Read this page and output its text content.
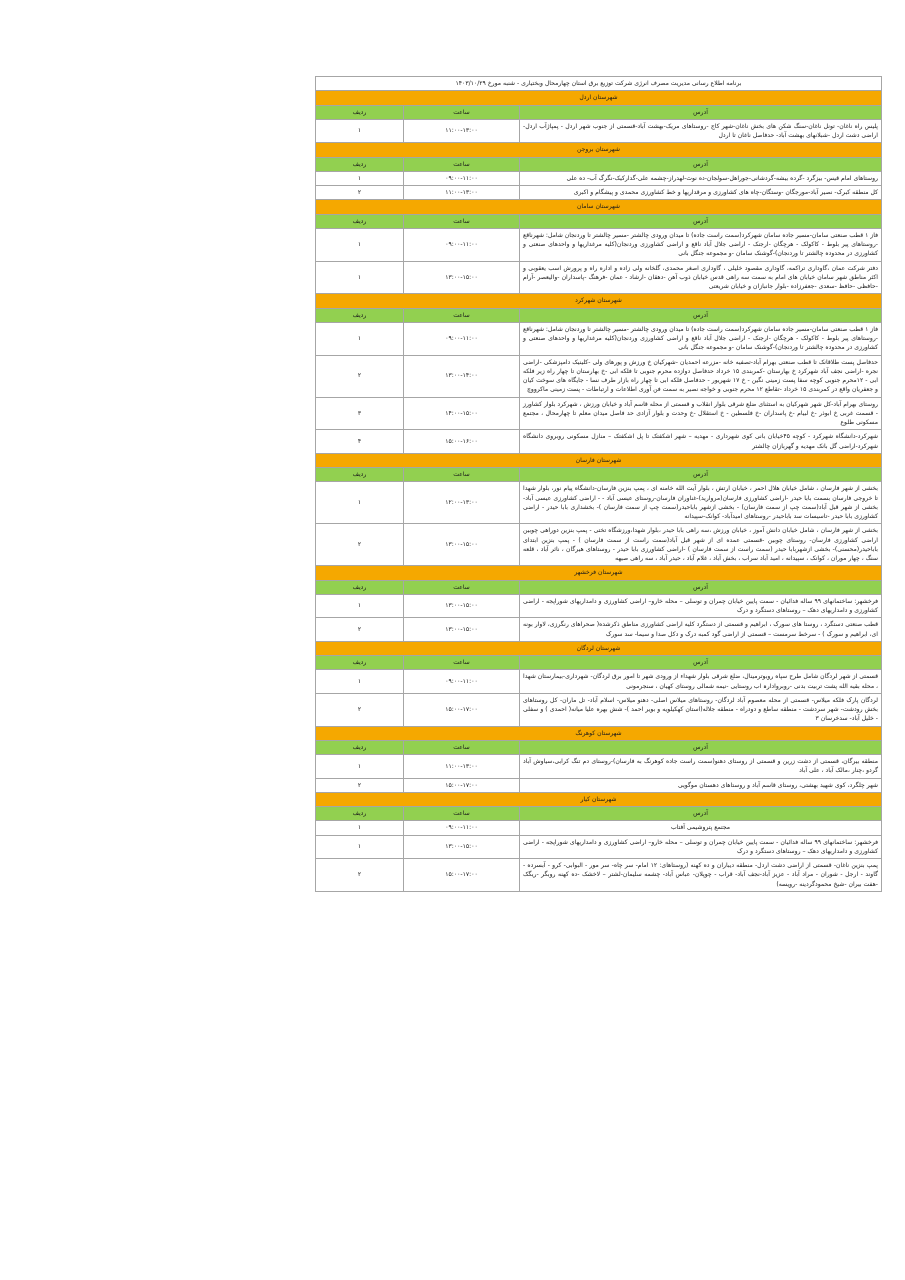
برنامه اطلاع رسانی مدیریت مصرف انرژی شرکت توزیع برق استان چهارمحال وبختیاری - شنبه مورخ ۱۴۰۳/۱۰/۲۹		
شهرستان اردل		
آدرس	ساعت	ردیف
پلیس راه ناغان- تونل ناغان-سنگ شکن های بخش ناغان-شهر کاج -روستاهای مریک-بهشت آباد-قسمتی از جنوب شهر اردل - پمپاژآب اردل-اراضی دشت اردل -شبلانهای بهشت آباد- حدفاصل ناغان تا اردل	۱۱:۰۰-۱۳:۰۰	۱
شهرستان بروجن		
آدرس	ساعت	ردیف
روستاهای امام قیس- بیزگرد -گرده بیشه-گردشانی-جوراهل-سولجان-ده نوث-لهدراز-چشمه علی-گداركیک-نگرگ آب- ده علی	۰۹:۰۰-۱۱:۰۰	۱
کل منطقه کبرک- نصیر آباد-مورجگان -وستگان-چاه های کشاورزی و مرقداریها و خط کشاورزی محمدی و پیشگام و اکبری	۱۱:۰۰-۱۳:۰۰	۲
شهرستان سامان		
آدرس	ساعت	ردیف
فاز ۱ قطب صنعتی سامان-مسیر جاده سامان شهرکرد(سمت راست جاده) تا میدان ورودی چالشتر -مسیر چالشتر تا وردنجان شامل: شهرناقع -روستاهای پیر بلوط - کاکولک - هرچگان -ارجنک - اراضی جلال آباد ناقع و اراضی کشاورزی وردنجان(کلیه مرغداریها و واحدهای صنعتی و کشاورزی در محدوده چالشتر تا وردنجان)-گوشنک سامان -و مجموعه جنگل بانی	۰۹:۰۰-۱۱:۰۰	۱
دفتر شرکت عمان ،گاوداری تراکمه، گاوداری مقصود خلیلی ، گاوداری اصغر محمدی، گلخانه ولی زاده و اداره راه و پرورش اسب یعقوبی و اکثر مناطق شهر سامان خیابان های امام به سمت سه راهی قدس خیابان ذوب آهن -دهقان -ارشاد - عمان -فرهنگ -پاسداران -والیعصر -آرام -حافظی -حافظ -سعدی -جعفرزاده -بلوار جانبازان و خیابان شریعتی	۱۳:۰۰-۱۵:۰۰	۱
شهرستان شهرکرد		
آدرس	ساعت	ردیف
فاز ۱ قطب صنعتی سامان-مسیر جاده سامان شهرکرد(سمت راست جاده) تا میدان ورودی چالشتر -مسیر چالشتر تا وردنجان شامل: شهرناقع -روستاهای پیر بلوط - کاکولک - هرچگان -ارجنک - اراضی جلال آباد ناقع و اراضی کشاورزی وردنجان(کلیه مرغداریها و واحدهای صنعتی و کشاورزی در محدوده چالشتر تا وردنجان)-گوشنک سامان -و مجموعه جنگل بانی	۰۹:۰۰-۱۱:۰۰	۱
حدفاصل پست طلاقانک تا قطب صنعتی بهرام آباد-تصفیه خانه -مزرعه احمدیان -شهرکیان خ ورزش و پورهای ولی -کلینیک دامپزشکی -اراضی نجره -اراضی نجف آباد شهرکرد خ بهارستان -کمربندی ۱۵ خرداد حدفاصل دوازده محرم جنوبی تا فلکه ابی -خ بهارستان تا چهار راه زیر فلکه ابی - ۱۲محرم جنوبی کوچه سفا پست زمینی نگین - خ ۱۷ شهریور - حدفاصل فلکه ابی تا چهار راه بازار طرف نسا - جایگاه های سوخت کیان و جعفریان واقع در کمربندی ۱۵ خرداد -تقاطع ۱۲ محرم جنوبی و خواجه نصیر به سمت فن آوری اطلاعات و ارتباطات - پست زمینی ماکرووچ	۱۳:۰۰-۱۴:۰۰	۲
روستای بهرام آباد-کل شهر شهرکیان به استثنای ضلع شرقی بلوار انقلاب و قسمتی از محله قاسم آباد و خیابان ورزش ، شهرکرد بلوار کشاورز - قسمت غربی خ ابوذر -خ لبیام -خ پاسداران -خ فلسطین - خ استقلال -خ وحدت و بلوار آزادی حد فاصل میدان معلم تا چهارمحال ، مجتمع مسکونی طلوع	۱۴:۰۰-۱۵:۰۰	۳
شهرکرد-دانشگاه شهرکرد - کوچه ۴۵خیابان بانی کوی شهرداری - مهدیه – شهر اشکفتک تا پل اشکفتک – منازل مسکونی روبروی دانشگاه شهرکرد-اراضی گل بانک مهدیه و گهربازان چالشتر	۱۵:۰۰-۱۶:۰۰	۴
شهرستان فارسان		
آدرس	ساعت	ردیف
بخشی از شهر فارسان ، شامل خیابان هلال احمر ، خیابان ارتش ، بلوار آیت الله خامنه ای ، پمپ بنزین فارسان-دانشگاه پیام نور، بلوار شهدا تا خروجی فارسان بسمت بابا حیدر -اراضی کشاورزی فارسان(مروارید)-غناوران فارسان-روستای عیسی آباد - - اراضی کشاورزی عیسی آباد-بخشی از شهر قبل آباد(سمت چپ از سمت فارسان) - بخشی ازشهر باباحیدر(سمت چپ از سمت فارسان )- بخشداری بابا حیدر - اراضی کشاورزی بابا حیدر -تاسیسات سد باباحیدر -روستاهای امیدآباد- کوانک-سپیدانه	۱۲:۰۰-۱۳:۰۰	۱
بخشی از شهر فارسان ، شامل خیابان دانش آموز ، خیابان ورزش ،سه راهی بابا حیدر ،بلوار شهدا،ورزشگاه تختی - پمپ بنزین دوراهی چوبین اراضی کشاورزی فارسان- روستای چوبین -قسمتی عمده ای از شهر قبل آباد(سمت راست از سمت فارسان ) - پمپ بنزین ابتدای باباحیدر(محسنی)- بخشی ازشهربابا حیدر (سمت راست از سمت فارسان ) -اراضی کشاورزی بابا حیدر - روستاهای هیرگان ، ناثر آباد ، قلعه سنگ ، چهار موران ، کوانک ، سپیدانه ، امید آباد سراب ، بخش آباد ، غلام آباد ، حیدر آباد ، سه راهی صیهه	۱۳:۰۰-۱۵:۰۰	۲
شهرستان فرخشهر		
آدرس	ساعت	ردیف
فرخشهر: ساختمانهای ۹۹ ساله فدائیان - سمت پایین خیابان چمران و توسلی – محله خارو– اراضی کشاورزی و دامداریهای شوراپجه - اراضی کشاورزی و دامداریهای دهک – روستاهای دستگرد و درک	۱۳:۰۰-۱۵:۰۰	۱
قطب صنعتی دستگرد ، روستا های سورک ، ابراهیم و قسمتی از دستگرد کلیه اراضی کشاورزی مناطق ذکرشده( صحراهای رنگرزی، لاوار بونه ای، ابراهیم و سورک ) - سرخط سرمست – قسمتی از اراضی گود کمبه درک و دکل صدا و سیما- سد سورک	۱۳:۰۰-۱۵:۰۰	۲
شهرستان لردگان		
آدرس	ساعت	ردیف
قسمتی از شهر لردگان شامل طرح سپاه روبوترمینال، ضلع شرقی بلوار شهداء از ورودی شهر تا امور برق لردگان- شهرداری-بیمارستان شهدا ، محله بقیه الله پشت تربیت بدنی -روبروادارہ اب روستایی -نیمه شمالی روستای کهیان ، سنجرمونی	۰۹:۰۰-۱۱:۰۰	۱
لردگان پارک فلکه میلاس- قسمتی از محله معصوم آباد لردگان- روستاهای میلاس اصلی- دهنو میلاس- اسلام آباد- تل ماران- کل روستاهای بخش رودشت- شهر سردشت - منطقه ساطع و دودراه - منطقه جلاله(استان کهکیلویه و بویر احمد )- شش بهره علیا میانه( احمدی ) و سفلی - خلیل آباد- سدخرسان ۳	۱۵:۰۰-۱۷:۰۰	۲
شهرستان کوهرنگ		
آدرس	ساعت	ردیف
منطقه بیرگان، قسمتی از دشت زرین و قسمتی از روستای دهنو(سمت راست جاده کوهرنگ به فارسان)-روستای دم تنگ کرابی،سیاوش آباد گردو ،چنار ،مالک آباد ، علی آباد	۱۱:۰۰-۱۳:۰۰	۱
شهر چلگرد، کوی شهید بهشتی، روستای قاسم آباد و روستاهای دهستان موگویی	۱۵:۰۰-۱۷:۰۰	۲
شهرستان کیار		
آدرس	ساعت	ردیف
مجتمع پتروشیمی آفتاب	۰۹:۰۰-۱۱:۰۰	۱
فرخشهر: ساختمانهای ۹۹ ساله فدائیان - سمت پایین خیابان چمران و توسلی – محله خارو– اراضی کشاورزی و دامداریهای شوراپجه - اراضی کشاورزی و دامداریهای دهک – روستاهای دستگرد و درک	۱۳:۰۰-۱۵:۰۰	۱
پمپ بنزین ناغان- قسمتی از اراضی دشت اردل- منطقه دیباران و ده کهنه (روستاهای: ۱۲ امام- سر چاه- سر مور - البوابی- کرو - آبسرده - گاوند - ارجل - شوران - مراد آباد - عزیز آباد-نجف آباد- قراب - چوپلان- عباس آباد- چشمه سلیمان-لشتر – لاخشک -ده کهنه روبگر -ریگک -هفت بیران -شیخ محمودگردینه -رویسه)	۱۵:۰۰-۱۷:۰۰	۲
